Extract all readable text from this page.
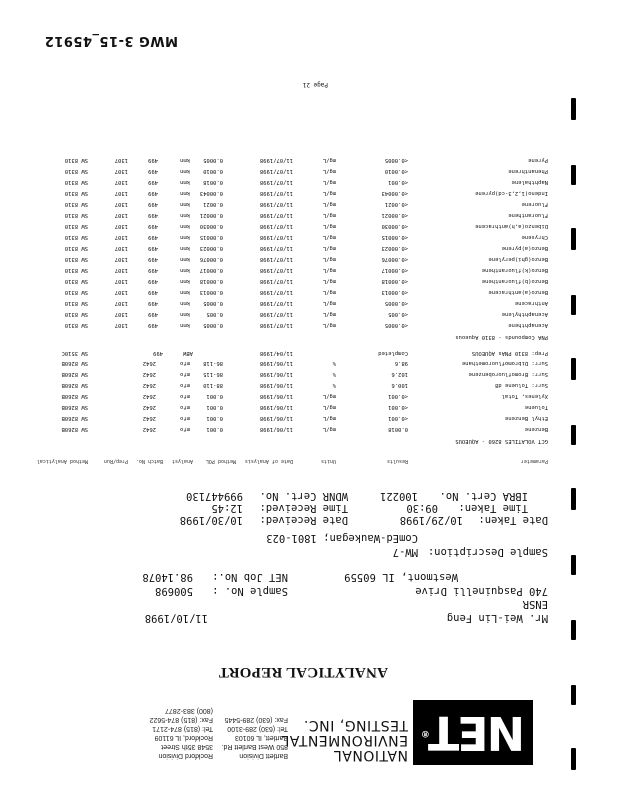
NET®
NATIONAL
ENVIRONMENTAL
TESTING, INC.
Bartlett Division
850 West Bartlett Rd.
Bartlett, IL 60103
Tel: (630) 289-3100
Fax: (630) 289-5445
Rockford Division
3548 35th Street
Rockford, IL 61109
Tel: (815) 874-2171
Fax: (815) 874-5622
(800) 383-2877
ANALYTICAL REPORT
Mr. Wei-Lin Feng
11/10/1998
ENSR
740 Pasquinelli Drive
Sample No. :
500698
Westmont, IL 60559
NET Job No.:
98.14078
Sample Description:
MW-7
ComEd-Waukegan; 1801-023
Date Taken:
10/29/1998
Date Received:
10/30/1998
Time Taken:
09:30
Time Received:
12:45
IBRA Cert. No.
100221
WDNR Cert. No.
999447130
Parameter
Results
Units
Date of Analysis
Method POL
Analyst
Batch No.
Prep/Run
Method Analytical
GCT VOLATILES 8260 - AQUEOUS
Benzene
0.0018
mg/L
11/06/1998
0.001
mfo
2642
SW 8260B
Ethyl Benzene
<0.001
mg/L
11/06/1998
0.001
mfo
2642
SW 8260B
Toluene
<0.001
mg/L
11/06/1998
0.001
mfo
2642
SW 8260B
Xylenes, Total
<0.001
mg/L
11/06/1998
0.001
mfo
2642
SW 8260B
Surr: Toluene d8
100.6
%
11/06/1998
88-110
mfo
2642
SW 8260B
Surr: Bromofluorobenzene
102.6
%
11/06/1998
86-115
mfo
2642
SW 8260B
Surr: Dibromofluoromethane
98.6
%
11/06/1998
86-118
mfo
2642
SW 8260B
Prep: 8310 PNAs AQUEOUS
Completed
11/04/1998
ABW
499
SW 3510C
PNA Compounds - 8310 Aqueous
Acenaphthene
<0.0005
mg/L
11/07/1998
0.0005
kmn
499
1307
SW 8310
Acenaphthylene
<0.005
mg/L
11/07/1998
0.005
kmn
499
1307
SW 8310
Anthracene
<0.0005
mg/L
11/07/1998
0.0005
kmn
499
1307
SW 8310
Benzo(a)anthracene
<0.00013
mg/L
11/07/1998
0.00013
kmn
499
1307
SW 8310
Benzo(b)fluoranthene
<0.00018
mg/L
11/07/1998
0.00018
kmn
499
1307
SW 8310
Benzo(k)fluoranthene
<0.00017
mg/L
11/07/1998
0.00017
kmn
499
1307
SW 8310
Benzo(ghi)perylene
<0.00076
mg/L
11/07/1998
0.00076
kmn
499
1307
SW 8310
Benzo(a)pyrene
<0.00023
mg/L
11/07/1998
0.00023
kmn
499
1307
SW 8310
Chrysene
<0.00015
mg/L
11/07/1998
0.00015
kmn
499
1307
SW 8310
Dibenzo(a,h)anthracene
<0.00030
mg/L
11/07/1998
0.00030
kmn
499
1307
SW 8310
Fluoranthene
<0.00021
mg/L
11/07/1998
0.00021
kmn
499
1307
SW 8310
Fluorene
<0.0021
mg/L
11/07/1998
0.0021
kmn
499
1307
SW 8310
Indeno(1,2,3-cd)pyrene
<0.00043
mg/L
11/07/1998
0.00043
kmn
499
1307
SW 8310
Naphthalene
<0.001
mg/L
11/07/1998
0.0018
kmn
499
1307
SW 8310
Phenanthrene
<0.0010
mg/L
11/07/1998
0.0010
kmn
499
1307
SW 8310
Pyrene
<0.0005
mg/L
11/07/1998
0.0005
kmn
499
1307
SW 8310
Page 21
MWG 3-15_45912
